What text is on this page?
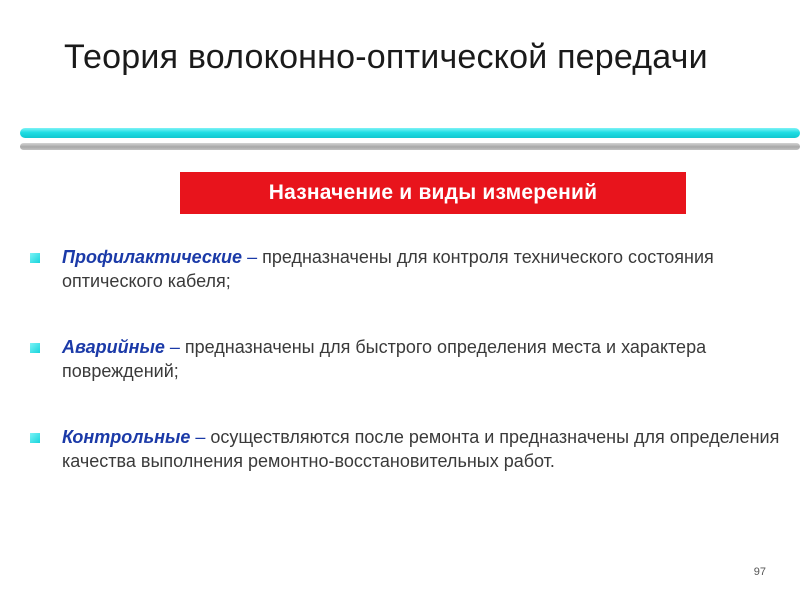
Теория волоконно-оптической передачи
Назначение и виды измерений
Профилактические – предназначены для контроля технического состояния оптического кабеля;
Аварийные – предназначены для быстрого определения места и характера повреждений;
Контрольные – осуществляются после ремонта и предназначены для определения качества выполнения ремонтно-восстановительных работ.
97
